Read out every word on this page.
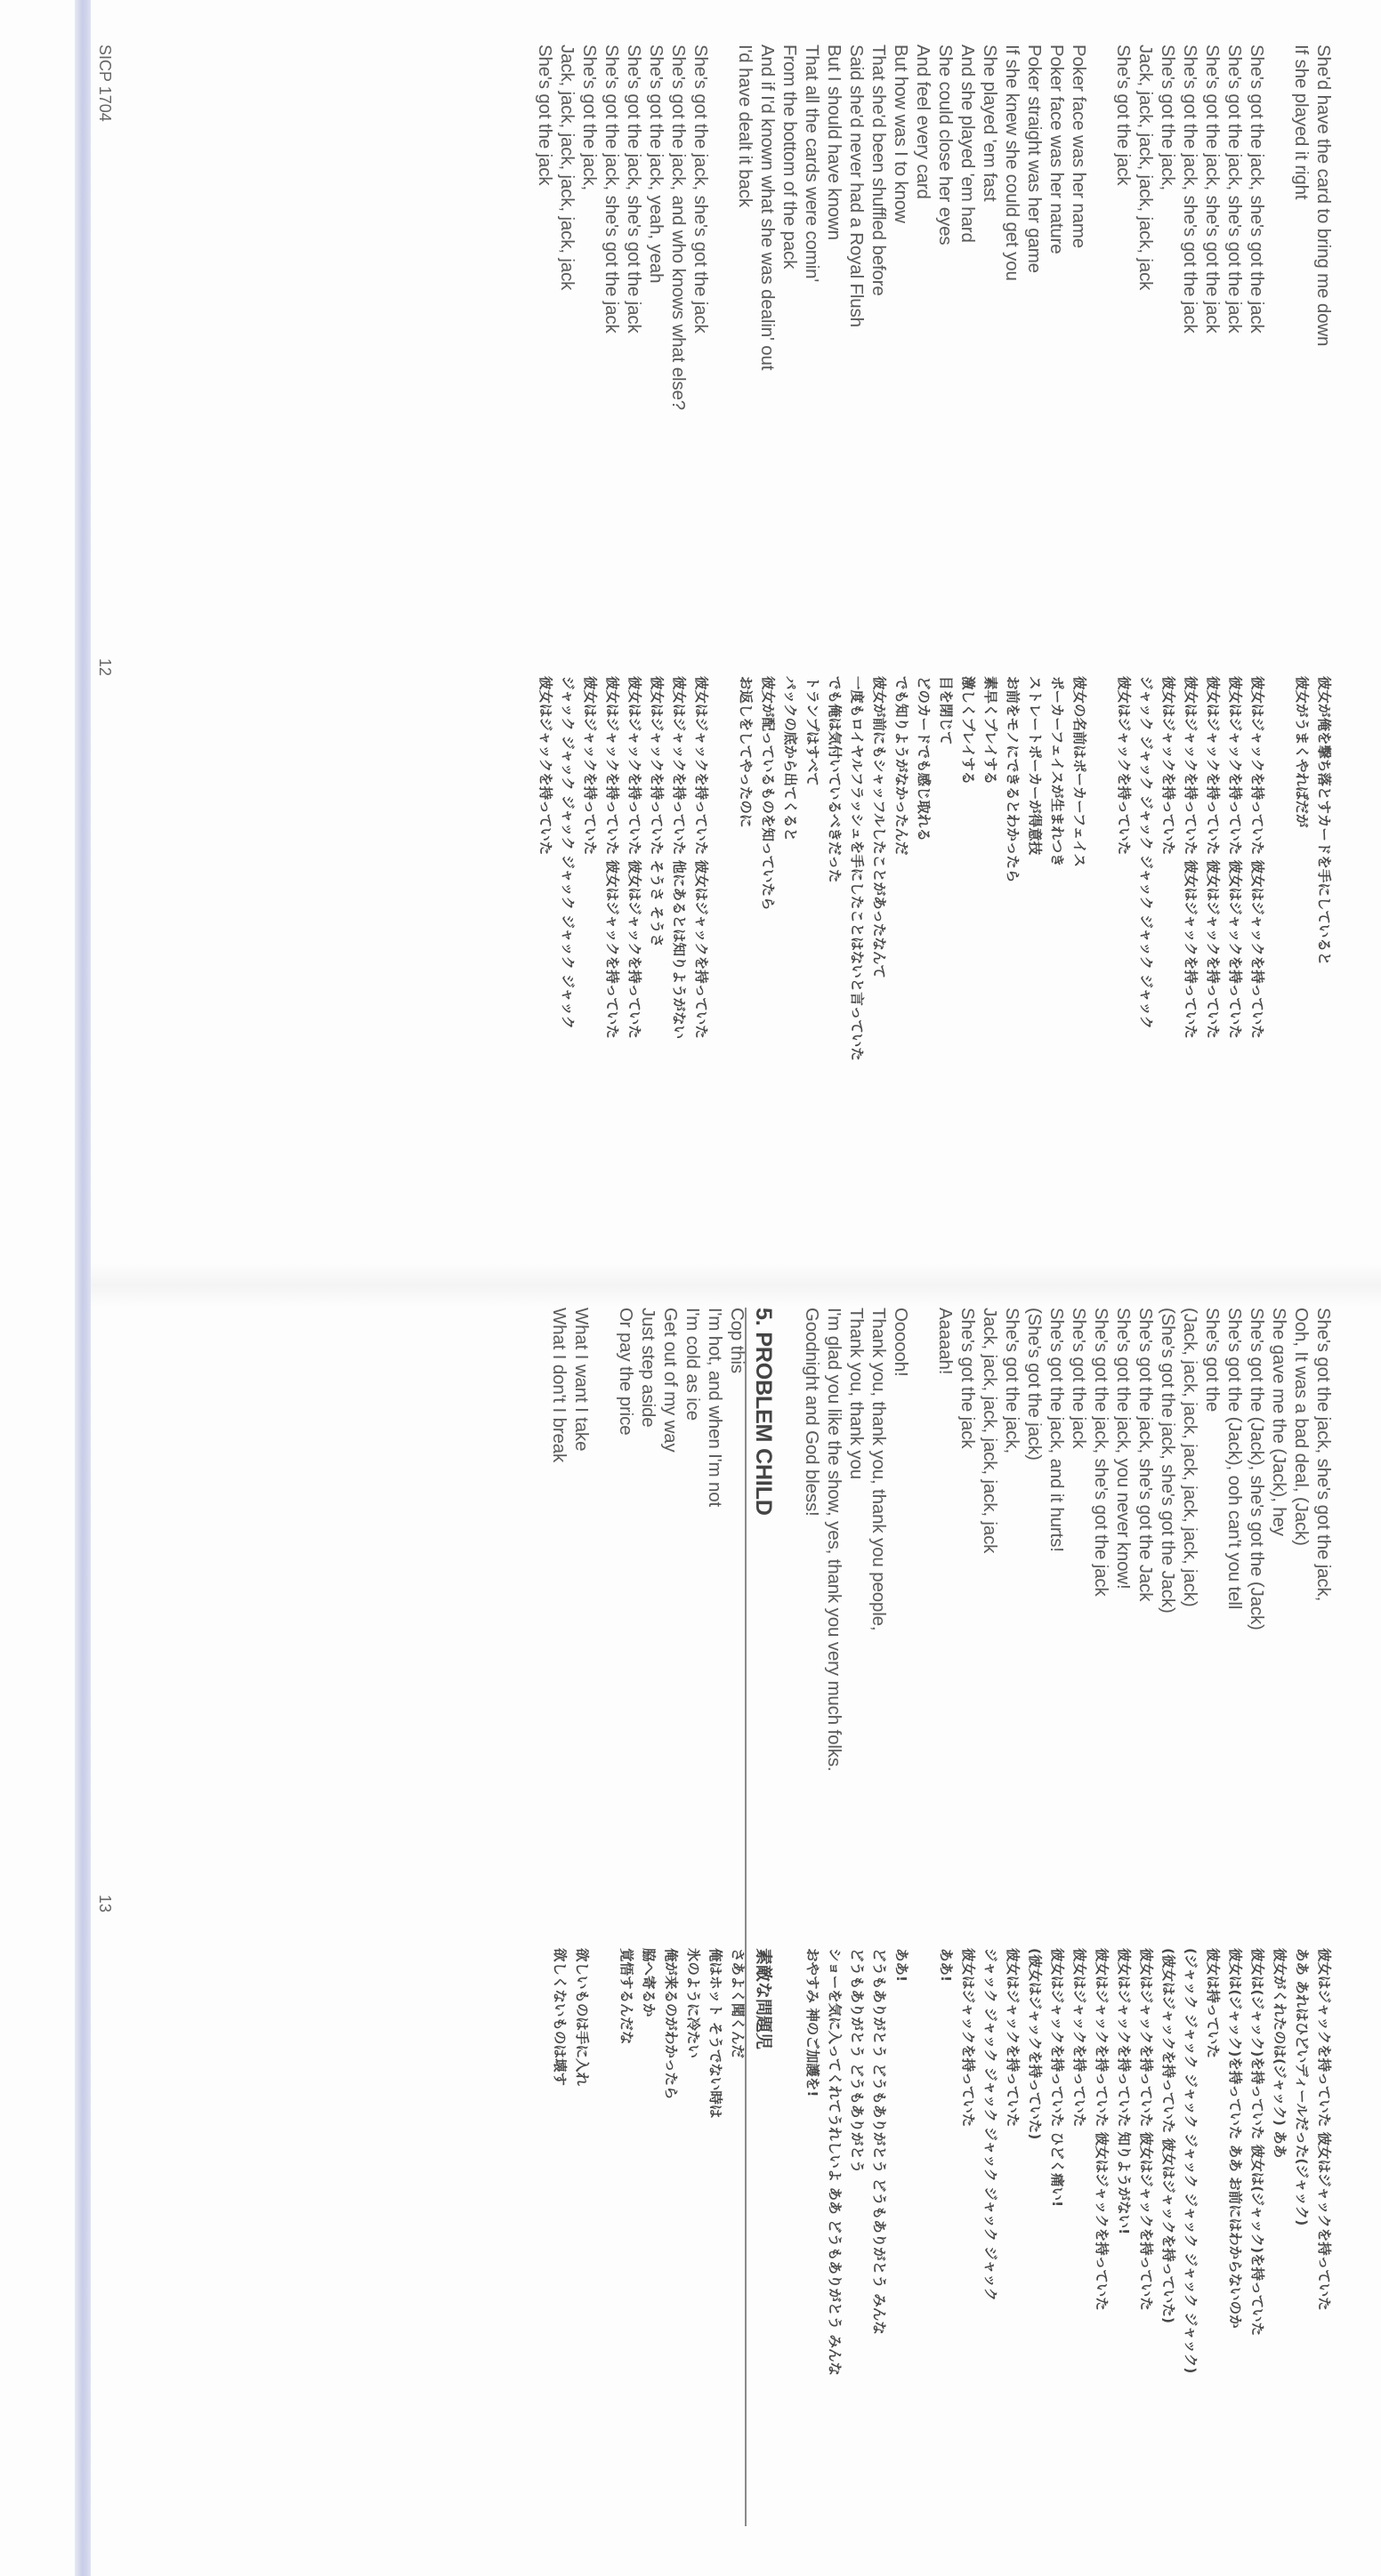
She'd have the card to bring me down
If she played it right
She's got the jack, she's got the jack
She's got the jack, she's got the jack
She's got the jack, she's got the jack
She's got the jack, she's got the jack
She's got the jack,
Jack, jack, jack, jack, jack, jack
She's got the jack
Poker face was her name
Poker face was her nature
Poker straight was her game
If she knew she could get you
She played 'em fast
And she played 'em hard
She could close her eyes
And feel every card
But how was I to know
That she'd been shuffled before
Said she'd never had a Royal Flush
But I should have known
That all the cards were comin'
From the bottom of the pack
And if I'd known what she was dealin' out
I'd have dealt it back
She's got the jack, she's got the jack
She's got the jack, and who knows what else?
She's got the jack, yeah, yeah
She's got the jack, she's got the jack
She's got the jack, she's got the jack
She's got the jack,
Jack, jack, jack, jack, jack, jack
She's got the jack
彼女が俺を撃ち落とすカードを手にしていると
彼女がうまくやればだが
彼女はジャックを持っていた 彼女はジャックを持っていた
彼女はジャックを持っていた 彼女はジャックを持っていた
彼女はジャックを持っていた 彼女はジャックを持っていた
彼女はジャックを持っていた 彼女はジャックを持っていた
彼女はジャックを持っていた
ジャック ジャック ジャック ジャック ジャック ジャック
彼女はジャックを持っていた
彼女の名前はポーカーフェイス
ポーカーフェイスが生まれつき
ストレートポーカーが得意技
お前をモノにできるとわかったら
素早くプレイする
激しくプレイする
目を閉じて
どのカードでも感じ取れる
でも知りようがなかったんだ
彼女が前にもシャッフルしたことがあったなんて
一度もロイヤルフラッシュを手にしたことはないと言っていた
でも俺は気付いているべきだった
トランプはすべて
パックの底から出てくると
彼女が配っているものを知っていたら
お返しをしてやったのに
彼女はジャックを持っていた 彼女はジャックを持っていた
彼女はジャックを持っていた 他にあるとは知りようがない
彼女はジャックを持っていた そうさ そうさ
彼女はジャックを持っていた 彼女はジャックを持っていた
彼女はジャックを持っていた 彼女はジャックを持っていた
彼女はジャックを持っていた
ジャック ジャック ジャック ジャック ジャック ジャック
彼女はジャックを持っていた
SICP 1704
12
She's got the jack, she's got the jack,
Ooh, It was a bad deal, (Jack)
She gave me the (Jack), hey
She's got the (Jack), she's got the (Jack)
She's got the (Jack), ooh can't you tell
She's got the
(Jack, jack, jack, jack, jack, jack, jack)
(She's got the jack, she's got the Jack)
She's got the jack, she's got the Jack
She's got the jack, you never know!
She's got the jack, she's got the jack
She's got the jack
She's got the jack, and it hurts!
(She's got the jack)
She's got the jack,
Jack, jack, jack, jack, jack, jack
She's got the jack
Aaaaah!
Oooooh!
Thank you, thank you, thank you people,
Thank you, thank you
I'm glad you like the show, yes, thank you very much folks.
Goodnight and God bless!
5. PROBLEM CHILD
Cop this
I'm hot, and when I'm not
I'm cold as ice
Get out of my way
Just step aside
Or pay the price
What I want I take
What I don't I break
彼女はジャックを持っていた 彼女はジャックを持っていた
ああ あれはひどいディールだった(ジャック)
彼女がくれたのは(ジャック) ああ
彼女は(ジャック)を持っていた 彼女は(ジャック)を持っていた
彼女は(ジャック)を持っていた ああ お前にはわからないのか
彼女は持っていた
(ジャック ジャック ジャック ジャック ジャック ジャック ジャック)
(彼女はジャックを持っていた 彼女はジャックを持っていた)
彼女はジャックを持っていた 彼女はジャックを持っていた
彼女はジャックを持っていた 知りようがない!
彼女はジャックを持っていた 彼女はジャックを持っていた
彼女はジャックを持っていた
彼女はジャックを持っていた ひどく痛い!
(彼女はジャックを持っていた)
彼女はジャックを持っていた
ジャック ジャック ジャック ジャック ジャック ジャック
彼女はジャックを持っていた
ああ!
ああ!
どうもありがとう どうもありがとう どうもありがとう みんな
どうもありがとう どうもありがとう
ショーを気に入ってくれてうれしいよ ああ どうもありがとう みんな
おやすみ 神のご加護を!
素敵な問題児
さあよく聞くんだ
俺はホット そうでない時は
氷のように冷たい
俺が来るのがわかったら
脇へ寄るか
覚悟するんだな
欲しいものは手に入れ
欲しくないものは壊す
13
